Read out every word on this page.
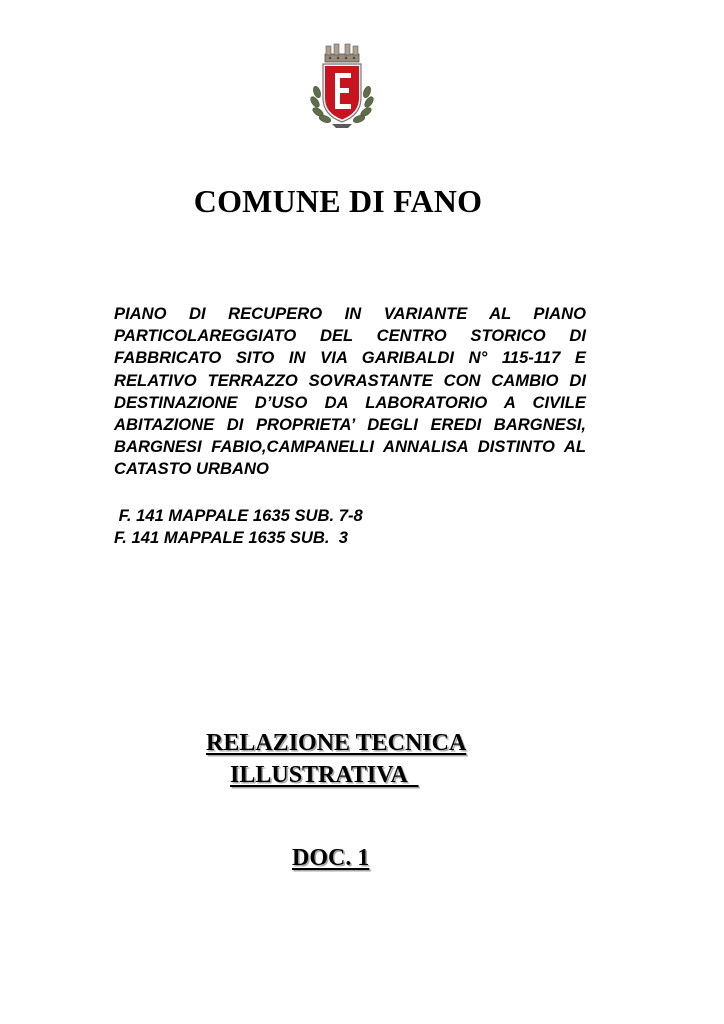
COMUNE DI FANO

PIANO DI RECUPERO IN VARIANTE AL PIANO PARTICOLAREGGIATO DEL CENTRO STORICO DI FABBRICATO SITO IN VIA GARIBALDI N° 115-117 E RELATIVO TERRAZZO SOVRASTANTE CON CAMBIO DI DESTINAZIONE D’USO DA LABORATORIO A CIVILE ABITAZIONE DI PROPRIETA’ DEGLI EREDI BARGNESI, BARGNESI FABIO,CAMPANELLI ANNALISA DISTINTO AL CATASTO URBANO

F. 141 MAPPALE 1635 SUB. 7-8
F. 141 MAPPALE 1635 SUB.  3
RELAZIONE TECNICA
ILLUSTRATIVA
DOC. 1
